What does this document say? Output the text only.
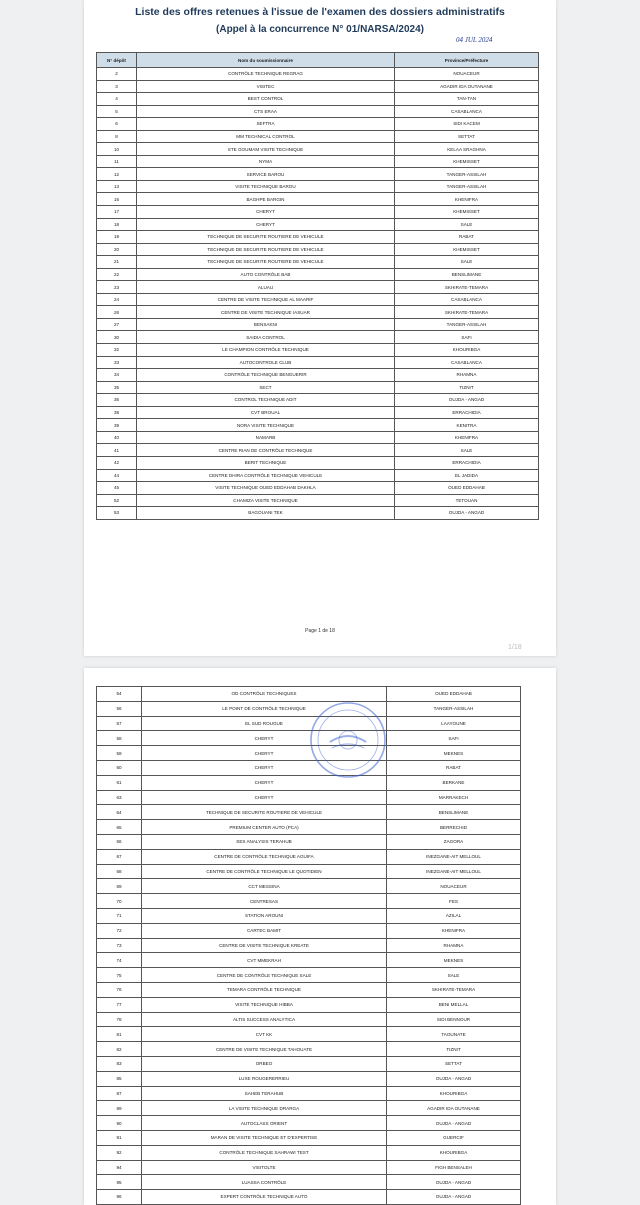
Liste des offres retenues à l'issue de l'examen des dossiers administratifs
(Appel à la concurrence N° 01/NARSA/2024)
04 JUL 2024
N° dépôt	Nom du soumissionnaire	Province/Préfecture
2	CONTRÔLE TECHNIQUE REGRAG	NOUACEUR
3	VISITEC	AGADIR IDA OUTANANE
4	BEST CONTROL	TAN-TAN
5	CTS ERAA	CASABLANCA
6	SEFTRA	SIDI KACEM
8	MM TECHNICAL CONTROL	SETTAT
10	STE GOUMAM VISITE TECHNIQUE	KELAA SRAGHNA
11	NYMA	KHEMISSET
12	SERVICE BAROU	TANGER-ASSILAH
13	VISITE TECHNIQUE BAROU	TANGER-ASSILAH
16	BAGHPE BARGIN	KHENIFRA
17	CHERYT	KHEMISSET
18	CHERYT	SALE
19	TECHNIQUE DE SECURITE ROUTIERE DE VEHICULE	RABAT
20	TECHNIQUE DE SECURITE ROUTIERE DE VEHICULE	KHEMISSET
21	TECHNIQUE DE SECURITE ROUTIERE DE VEHICULE	SALE
22	AUTO CONTRÔLE BAB	BENSLIMANE
23	ALUAU	SKHIRATE-TEMARA
24	CENTRE DE VISITE TECHNIQUE AL MAARIF	CASABLANCA
26	CENTRE DE VISITE TECHNIQUE IASUAR	SKHIRATE-TEMARA
27	BENSAKNI	TANGER-ASSILAH
30	SAIDIA CONTROL	SAFI
32	LE CHAMPION CONTRÔLE TECHNIQUE	KHOURIBGA
33	AUTOCONTROLE CLUB	CASABLANCA
34	CONTRÔLE TECHNIQUE BENGUERIR	RHAMNA
35	SECT	TIZNIT
36	CONTROL TECHNIQUE ADIT	OUJDA - ANGAD
38	CVT BROUAL	ERRACHIDIA
39	NORA VISITE TECHNIQUE	KENITRA
40	NAMARB	KHENIFRA
41	CENTRE RIAN DE CONTRÔLE TECHNIQUE	SALE
42	BERIT TECHNIQUE	ERRACHIDIA
44	CENTRE DHIRA CONTRÔLE TECHNIQUE VEHICULE	EL JADIDA
45	VISITE TECHNIQUE OUED EDDAHAB DAKHLA	OUED EDDAHAB
52	CHAMIZA VISITE TECHNIQUE	TETOUAN
53	BAGOUANI TEK	OUJDA - ANGAD
Page 1 de 18
1/18
54	OD CONTRÔLE TECHNIQUES	OUED EDDAHAB
56	LE POINT DE CONTRÔLE TECHNIQUE	TANGER-ASSILAH
57	EL SUD ROUGUE	LAAYOUNE
58	CHERYT	SAFI
59	CHERYT	MEKNES
60	CHERYT	RABAT
61	CHERYT	BERKANE
63	CHERYT	MARRAKECH
64	TECHNIQUE DE SECURITE ROUTIERE DE VEHICULE	BENSLIMANE
65	PREMIUM CENTER AUTO (PCA)	BERRECHID
66	SES ANALYSIS TERAHUB	ZAGORA
67	CENTRE DE CONTRÔLE TECHNIQUE AGUIFA	INEZGANE-AIT MELLOUL
68	CENTRE DE CONTRÔLE TECHNIQUE LE QUOTIDIEN	INEZGANE-AIT MELLOUL
69	CCT MESSINA	NOUACEUR
70	CENTRESAS	FES
71	STATION AROUNI	AZILAL
72	CARTEC BAMIT	KHENIFRA
73	CENTRE DE VISITE TECHNIQUE KREATE	RHAMNA
74	CVT MMEKRAH	MEKNES
75	CENTRE DE CONTRÔLE TECHNIQUE SALE	SALE
76	TEMARA CONTRÔLE TECHNIQUE	SKHIRATE-TEMARA
77	VISITE TECHNIQUE HIBBA	BENI MELLAL
78	ALTIS SUCCESS ANALYTICA	SIDI BENNOUR
81	CVT KK	TAOUNATE
82	CENTRE DE VISITE TECHNIQUE TAHOUATE	TIZNIT
83	ORBEO	SETTAT
85	LUXE ROUGERERRIEU	OUJDA - ANGAD
87	SAHEB TERAHUB	KHOURIBGA
89	LA VISITE TECHNIQUE DRARGA	AGADIR IDA OUTANANE
90	AUTOCLASS ORIENT	OUJDA - ANGAD
91	MARAN DE VISITE TECHNIQUE ET D'EXPERTISE	GUERCIF
92	CONTRÔLE TECHNIQUE SAHRAWI TEST	KHOURIBGA
94	VISITOLTE	FIGH BENSALEH
95	LUASSA CONTRÔLE	OUJDA - ANGAD
96	EXPERT CONTRÔLE TECHNIQUE AUTO	OUJDA - ANGAD
